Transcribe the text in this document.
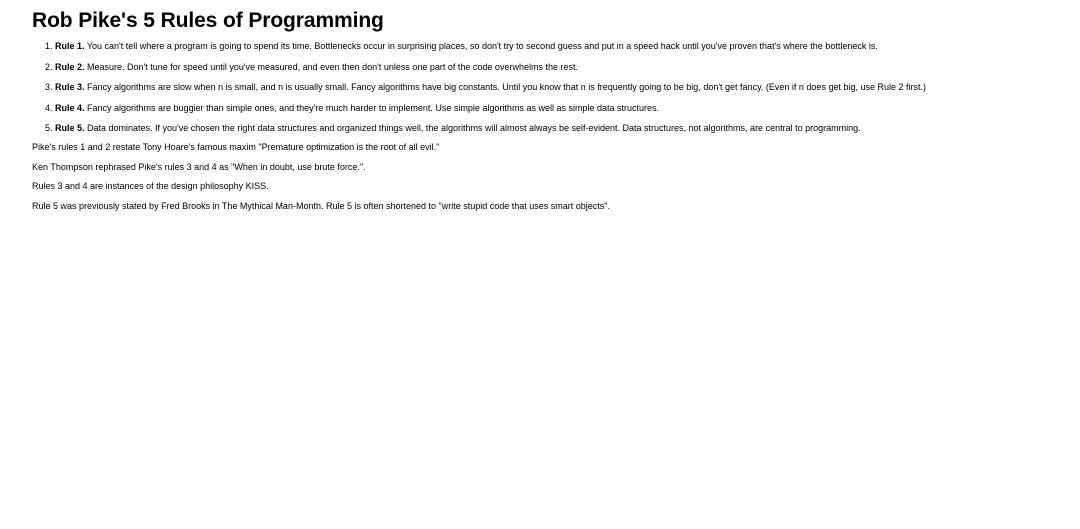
Rob Pike's 5 Rules of Programming
1. Rule 1. You can't tell where a program is going to spend its time. Bottlenecks occur in surprising places, so don't try to second guess and put in a speed hack until you've proven that's where the bottleneck is.
2. Rule 2. Measure. Don't tune for speed until you've measured, and even then don't unless one part of the code overwhelms the rest.
3. Rule 3. Fancy algorithms are slow when n is small, and n is usually small. Fancy algorithms have big constants. Until you know that n is frequently going to be big, don't get fancy. (Even if n does get big, use Rule 2 first.)
4. Rule 4. Fancy algorithms are buggier than simple ones, and they're much harder to implement. Use simple algorithms as well as simple data structures.
5. Rule 5. Data dominates. If you've chosen the right data structures and organized things well, the algorithms will almost always be self-evident. Data structures, not algorithms, are central to programming.

Pike's rules 1 and 2 restate Tony Hoare's famous maxim "Premature optimization is the root of all evil."

Ken Thompson rephrased Pike's rules 3 and 4 as "When in doubt, use brute force.".

Rules 3 and 4 are instances of the design philosophy KISS.

Rule 5 was previously stated by Fred Brooks in The Mythical Man-Month. Rule 5 is often shortened to "write stupid code that uses smart objects".
